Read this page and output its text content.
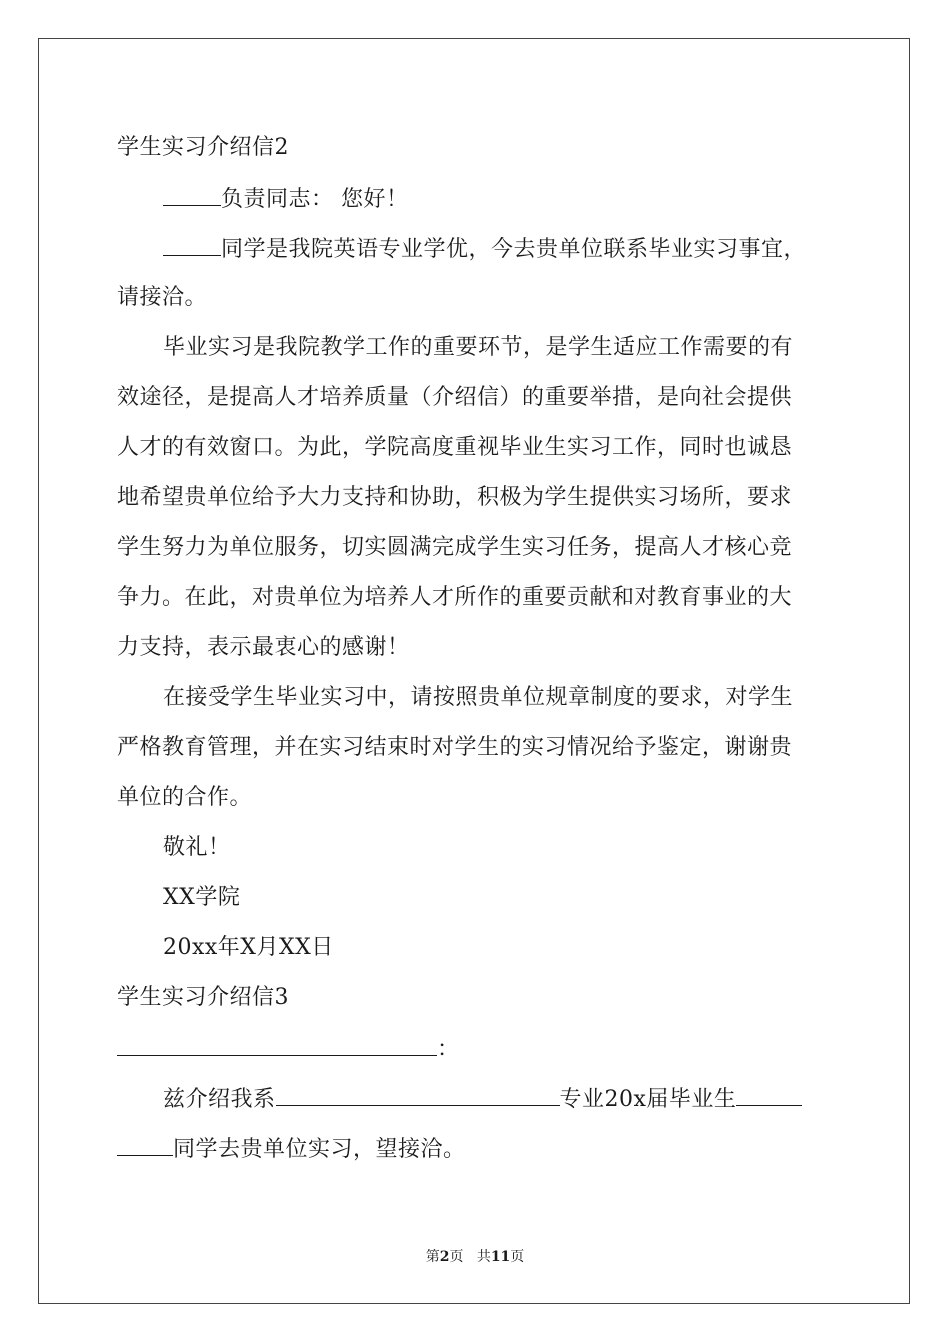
学生实习介绍信2
负责同志： 您好！
同学是我院英语专业学优，今去贵单位联系毕业实习事宜，
请接洽。
毕业实习是我院教学工作的重要环节，是学生适应工作需要的有
效途径，是提高人才培养质量（介绍信）的重要举措，是向社会提供
人才的有效窗口。为此，学院高度重视毕业生实习工作，同时也诚恳
地希望贵单位给予大力支持和协助，积极为学生提供实习场所，要求
学生努力为单位服务，切实圆满完成学生实习任务，提高人才核心竞
争力。在此，对贵单位为培养人才所作的重要贡献和对教育事业的大
力支持，表示最衷心的感谢！
在接受学生毕业实习中，请按照贵单位规章制度的要求，对学生
严格教育管理，并在实习结束时对学生的实习情况给予鉴定，谢谢贵
单位的合作。
敬礼！
XX学院
20xx年X月XX日
学生实习介绍信3
：
兹介绍我系	专业20x届毕业生
同学去贵单位实习，望接洽。
第2页 共11页
